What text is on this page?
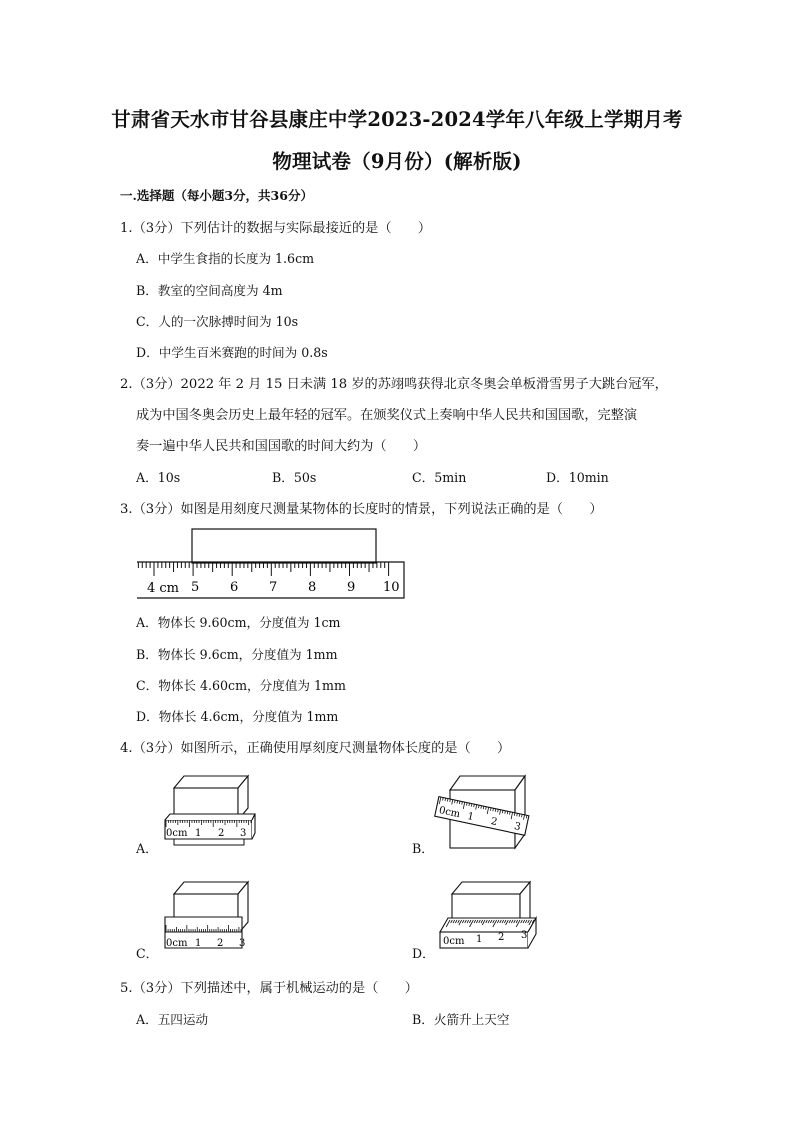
甘肃省天水市甘谷县康庄中学2023-2024学年八年级上学期月考
物理试卷（9月份）(解析版)
一.选择题（每小题3分，共36分）
1.（3分）下列估计的数据与实际最接近的是（　　）
A．中学生食指的长度为 1.6cm
B．教室的空间高度为 4m
C．人的一次脉搏时间为 10s
D．中学生百米赛跑的时间为 0.8s
2.（3分）2022 年 2 月 15 日未满 18 岁的苏翊鸣获得北京冬奥会单板滑雪男子大跳台冠军，
成为中国冬奥会历史上最年轻的冠军。在颁奖仪式上奏响中华人民共和国国歌，完整演
奏一遍中华人民共和国国歌的时间大约为（　　）
A．10s	B．50s	C．5min	D．10min
3.（3分）如图是用刻度尺测量某物体的长度时的情景，下列说法正确的是（　　）
4 cm 5 6 7 8 9 10
A．物体长 9.60cm，分度值为 1cm
B．物体长 9.6cm，分度值为 1mm
C．物体长 4.60cm，分度值为 1mm
D．物体长 4.6cm，分度值为 1mm
4.（3分）如图所示，正确使用厚刻度尺测量物体长度的是（　　）
0cm 1 2 3
A．
0cm 1 2 3
B．
0cm 1 2 3
C．
0cm 1 2 3
D．
5.（3分）下列描述中，属于机械运动的是（　　）
A．五四运动	B．火箭升上天空
